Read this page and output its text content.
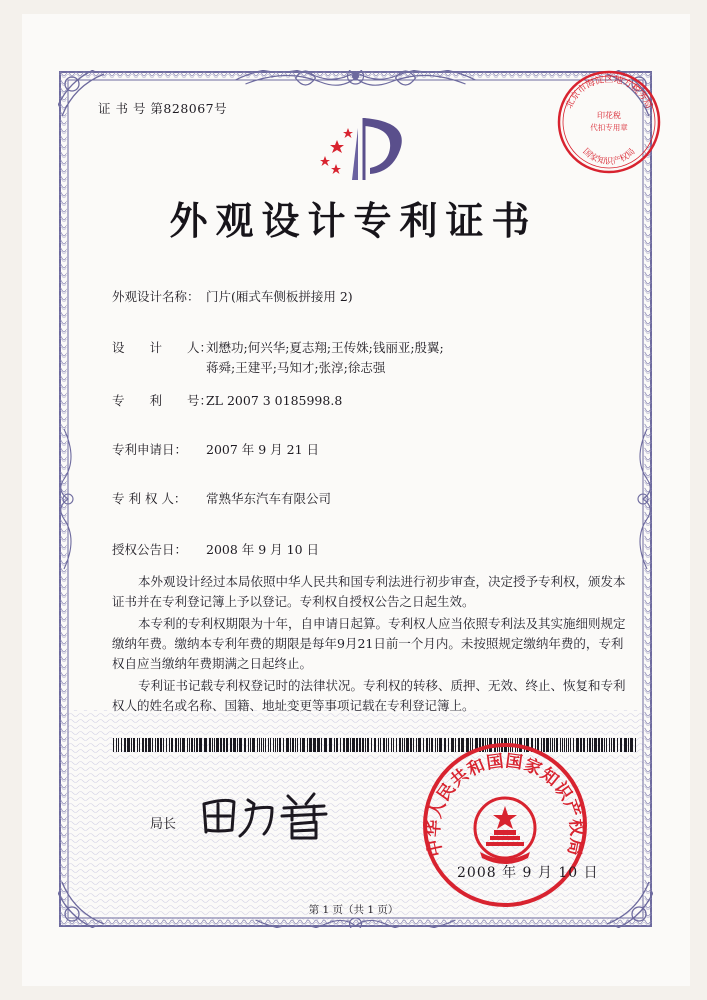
证 书 号 第828067号	北京市海淀区地方税务局
印花税
代扣专用章
国家知识产权局
外观设计专利证书
外观设计名称： 门片(厢式车侧板拼接用 2)
设　　计　　人：刘懋功;何兴华;夏志翔;王传姝;钱丽亚;殷翼;
蒋舜;王建平;马知才;张淳;徐志强
专　　利　　号：ZL 2007 3 0185998.8
专利申请日： 2007 年 9 月 21 日
专 利 权 人： 常熟华东汽车有限公司
授权公告日： 2008 年 9 月 10 日
本外观设计经过本局依照中华人民共和国专利法进行初步审查，决定授予专利权，颁发本证书并在专利登记簿上予以登记。专利权自授权公告之日起生效。
本专利的专利权期限为十年，自申请日起算。专利权人应当依照专利法及其实施细则规定缴纳年费。缴纳本专利年费的期限是每年9月21日前一个月内。未按照规定缴纳年费的，专利权自应当缴纳年费期满之日起终止。
专利证书记载专利权登记时的法律状况。专利权的转移、质押、无效、终止、恢复和专利权人的姓名或名称、国籍、地址变更等事项记载在专利登记簿上。
局长
中华人民共和国国家知识产权局
2008 年 9 月 10 日
第 1 页（共 1 页）
